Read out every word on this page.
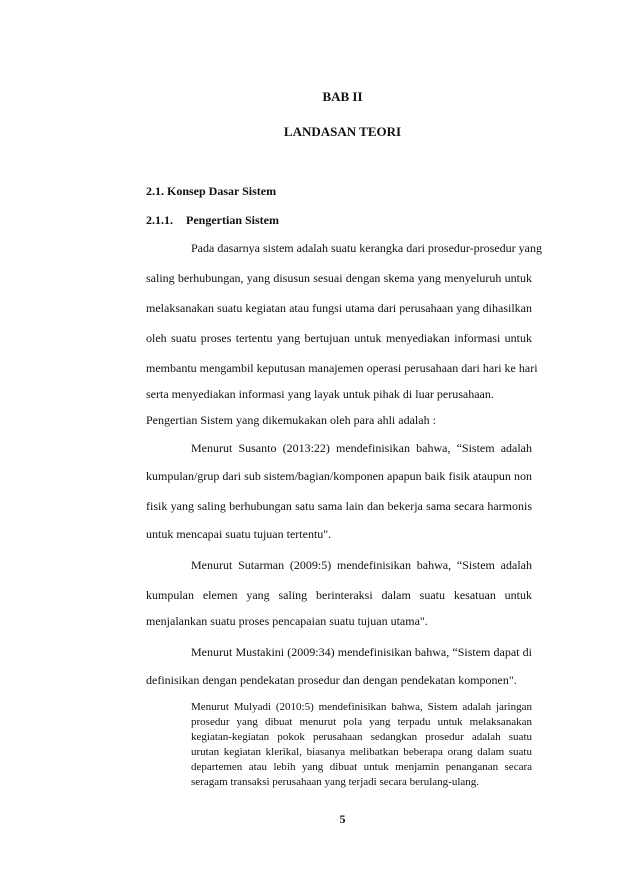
BAB II
LANDASAN TEORI
2.1. Konsep Dasar Sistem
2.1.1. Pengertian Sistem
Pada dasarnya sistem adalah suatu kerangka dari prosedur-prosedur yang
saling berhubungan, yang disusun sesuai dengan skema yang menyeluruh untuk
melaksanakan suatu kegiatan atau fungsi utama dari perusahaan yang dihasilkan
oleh suatu proses tertentu yang bertujuan untuk menyediakan informasi untuk
membantu mengambil keputusan manajemen operasi perusahaan dari hari ke hari
serta menyediakan informasi yang layak untuk pihak di luar perusahaan.
Pengertian Sistem yang dikemukakan oleh para ahli adalah :
Menurut Susanto (2013:22) mendefinisikan bahwa, “Sistem adalah
kumpulan/grup dari sub sistem/bagian/komponen apapun baik fisik ataupun non
fisik yang saling berhubungan satu sama lain dan bekerja sama secara harmonis
untuk mencapai suatu tujuan tertentu".
Menurut Sutarman (2009:5) mendefinisikan bahwa, “Sistem adalah
kumpulan elemen yang saling berinteraksi dalam suatu kesatuan untuk
menjalankan suatu proses pencapaian suatu tujuan utama".
Menurut Mustakini (2009:34) mendefinisikan bahwa, “Sistem dapat di
definisikan dengan pendekatan prosedur dan dengan pendekatan komponen".
Menurut Mulyadi (2010:5) mendefinisikan bahwa, Sistem adalah jaringan
prosedur yang dibuat menurut pola yang terpadu untuk melaksanakan
kegiatan-kegiatan pokok perusahaan sedangkan prosedur adalah suatu
urutan kegiatan klerikal, biasanya melibatkan beberapa orang dalam suatu
departemen atau lebih yang dibuat untuk menjamin penanganan secara
seragam transaksi perusahaan yang terjadi secara berulang-ulang.
5
